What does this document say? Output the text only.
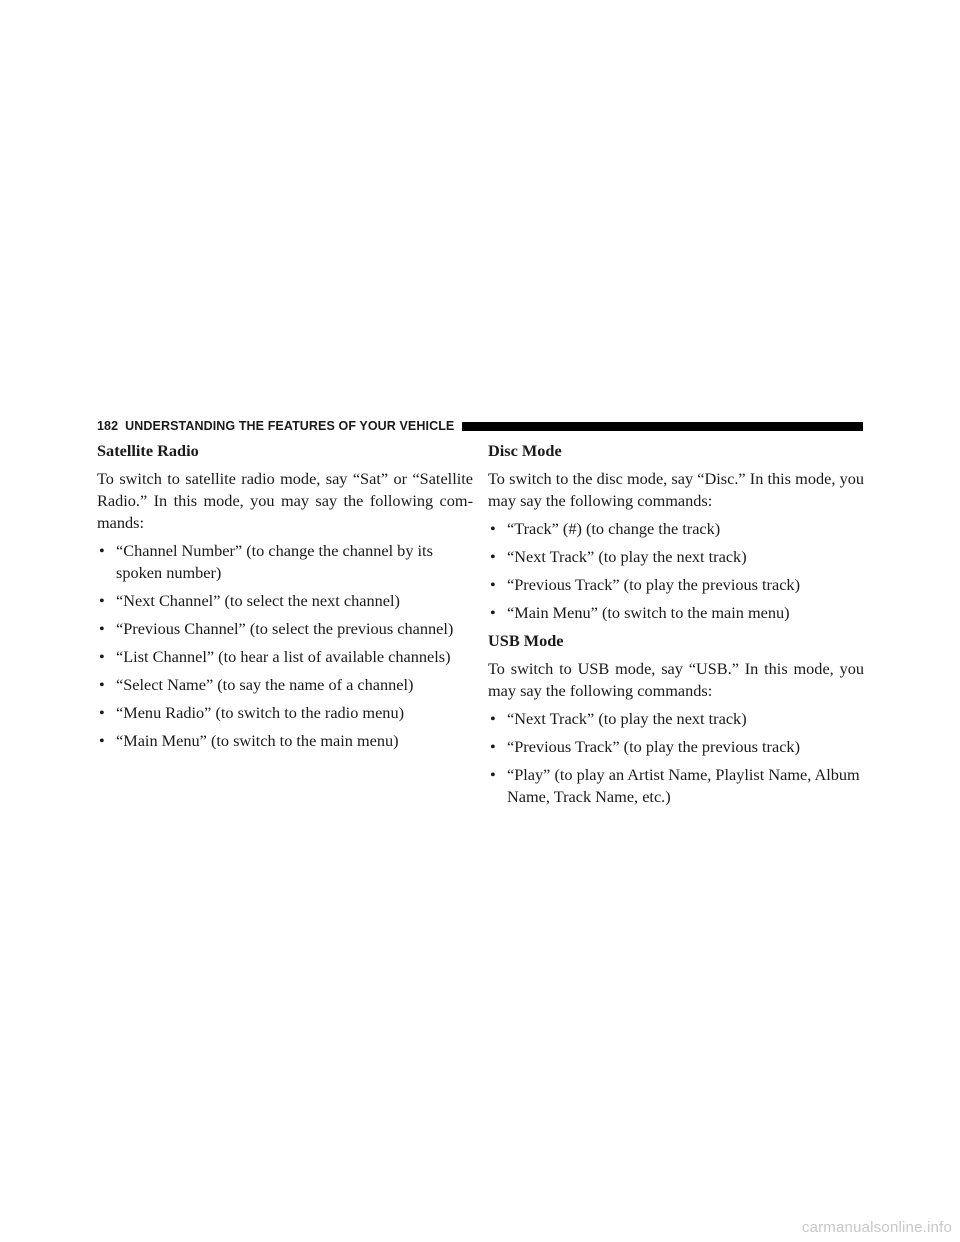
182 UNDERSTANDING THE FEATURES OF YOUR VEHICLE
Satellite Radio

To switch to satellite radio mode, say “Sat” or “Satellite Radio.” In this mode, you may say the following com- mands:

• “Channel Number” (to change the channel by its spoken number)
• “Next Channel” (to select the next channel)
• “Previous Channel” (to select the previous channel)
• “List Channel” (to hear a list of available channels)
• “Select Name” (to say the name of a channel)
• “Menu Radio” (to switch to the radio menu)
• “Main Menu” (to switch to the main menu)
Disc Mode

To switch to the disc mode, say “Disc.” In this mode, you may say the following commands:

• “Track” (#) (to change the track)
• “Next Track” (to play the next track)
• “Previous Track” (to play the previous track)
• “Main Menu” (to switch to the main menu)
USB Mode

To switch to USB mode, say “USB.” In this mode, you may say the following commands:

• “Next Track” (to play the next track)
• “Previous Track” (to play the previous track)
• “Play” (to play an Artist Name, Playlist Name, Album Name, Track Name, etc.)
carmanualsonline.info
